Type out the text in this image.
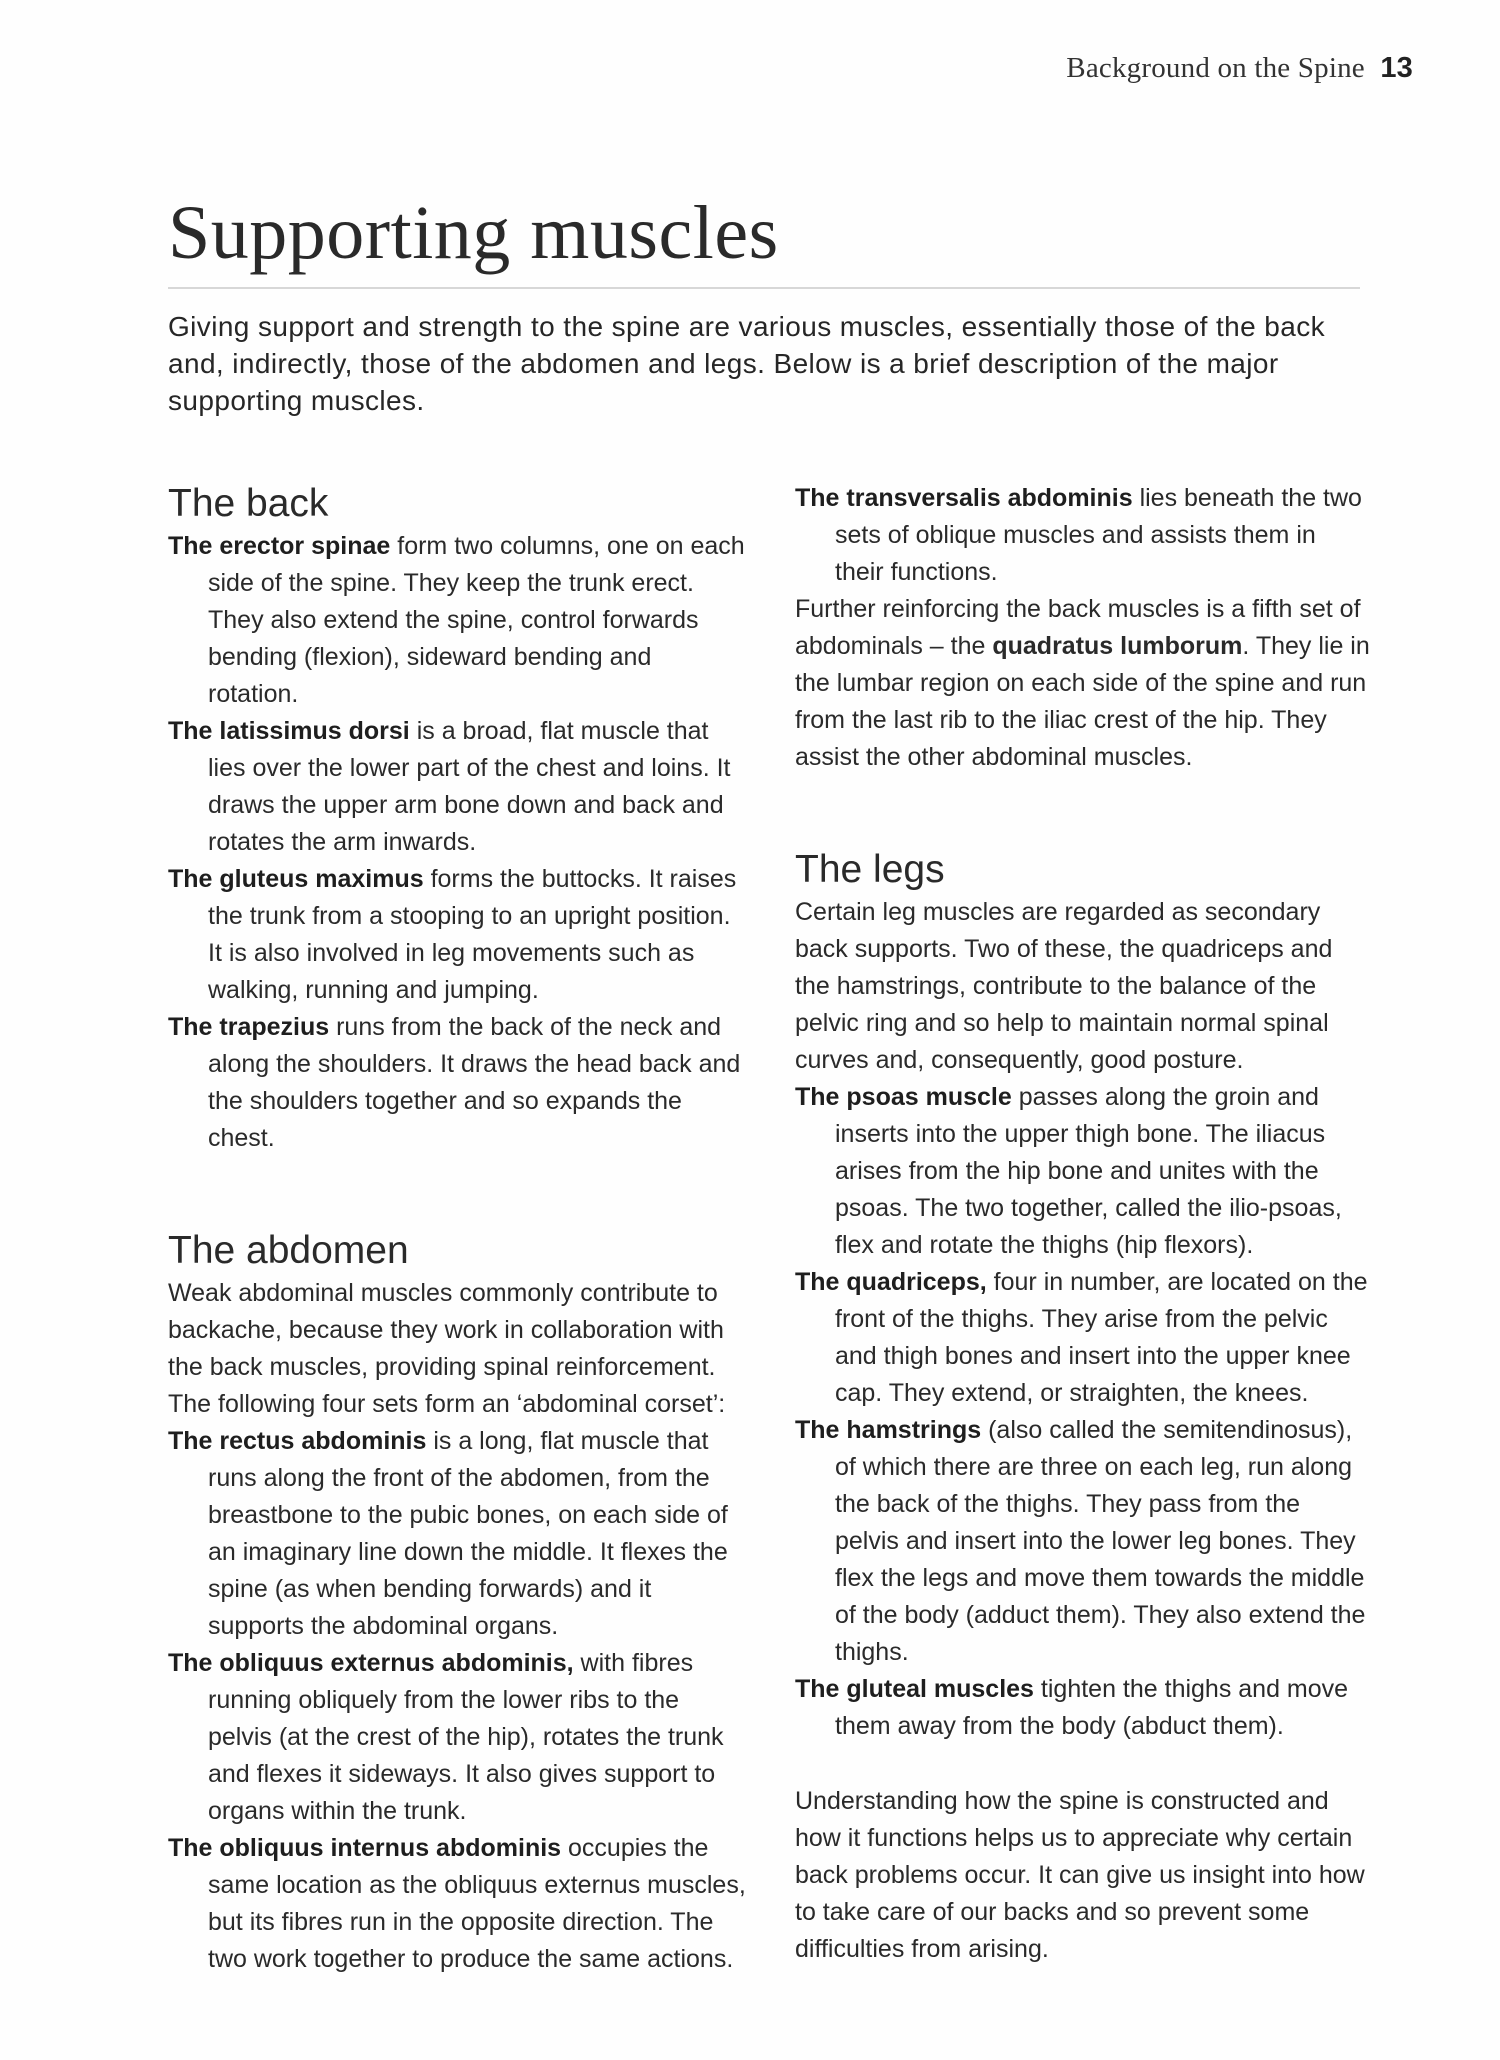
Background on the Spine 13
Supporting muscles

Giving support and strength to the spine are various muscles, essentially those of the back and, indirectly, those of the abdomen and legs. Below is a brief description of the major supporting muscles.

The back

The erector spinae form two columns, one on each side of the spine. They keep the trunk erect. They also extend the spine, control forwards bending (flexion), sideward bending and rotation.

The latissimus dorsi is a broad, flat muscle that lies over the lower part of the chest and loins. It draws the upper arm bone down and back and rotates the arm inwards.

The gluteus maximus forms the buttocks. It raises the trunk from a stooping to an upright position. It is also involved in leg movements such as walking, running and jumping.

The trapezius runs from the back of the neck and along the shoulders. It draws the head back and the shoulders together and so expands the chest.

The abdomen

Weak abdominal muscles commonly contribute to backache, because they work in collaboration with the back muscles, providing spinal reinforcement. The following four sets form an ‘abdominal corset’:

The rectus abdominis is a long, flat muscle that runs along the front of the abdomen, from the breastbone to the pubic bones, on each side of an imaginary line down the middle. It flexes the spine (as when bending forwards) and it supports the abdominal organs.

The obliquus externus abdominis, with fibres running obliquely from the lower ribs to the pelvis (at the crest of the hip), rotates the trunk and flexes it sideways. It also gives support to organs within the trunk.

The obliquus internus abdominis occupies the same location as the obliquus externus muscles, but its fibres run in the opposite direction. The two work together to produce the same actions.

The transversalis abdominis lies beneath the two sets of oblique muscles and assists them in their functions.

Further reinforcing the back muscles is a fifth set of abdominals – the quadratus lumborum. They lie in the lumbar region on each side of the spine and run from the last rib to the iliac crest of the hip. They assist the other abdominal muscles.

The legs

Certain leg muscles are regarded as secondary back supports. Two of these, the quadriceps and the hamstrings, contribute to the balance of the pelvic ring and so help to maintain normal spinal curves and, consequently, good posture.

The psoas muscle passes along the groin and inserts into the upper thigh bone. The iliacus arises from the hip bone and unites with the psoas. The two together, called the ilio-psoas, flex and rotate the thighs (hip flexors).

The quadriceps, four in number, are located on the front of the thighs. They arise from the pelvic and thigh bones and insert into the upper knee cap. They extend, or straighten, the knees.

The hamstrings (also called the semitendinosus), of which there are three on each leg, run along the back of the thighs. They pass from the pelvis and insert into the lower leg bones. They flex the legs and move them towards the middle of the body (adduct them). They also extend the thighs.

The gluteal muscles tighten the thighs and move them away from the body (abduct them).

Understanding how the spine is constructed and how it functions helps us to appreciate why certain back problems occur. It can give us insight into how to take care of our backs and so prevent some difficulties from arising.
